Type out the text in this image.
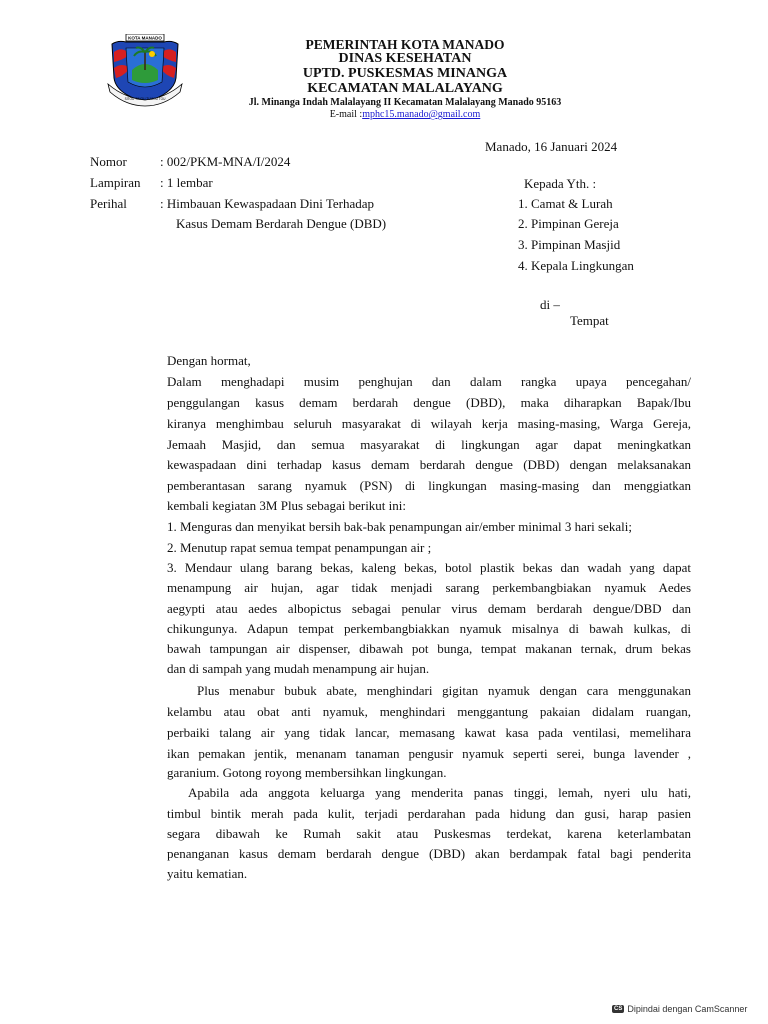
KOTA MANADO
SITOU TIMOU TUMOU TOU
PEMERINTAH KOTA MANADO
DINAS KESEHATAN
UPTD. PUSKESMAS MINANGA
KECAMATAN MALALAYANG
Jl. Minanga Indah Malalayang II Kecamatan Malalayang Manado 95163
E-mail :mphc15.manado@gmail.com
Manado, 16 Januari 2024
Nomor	: 002/PKM-MNA/I/2024
Lampiran : 1 lembar
Perihal	: Himbauan Kewaspadaan Dini Terhadap
Kasus Demam Berdarah Dengue (DBD)
Kepada Yth. :
1. Camat & Lurah
2. Pimpinan Gereja
3. Pimpinan Masjid
4. Kepala Lingkungan
di –
Tempat
Dengan hormat,
Dalam menghadapi musim penghujan dan dalam rangka upaya pencegahan/
penggulangan kasus demam berdarah dengue (DBD), maka diharapkan Bapak/Ibu
kiranya menghimbau seluruh masyarakat di wilayah kerja masing-masing, Warga Gereja,
Jemaah Masjid, dan semua masyarakat di lingkungan agar dapat meningkatkan
kewaspadaan dini terhadap kasus demam berdarah dengue (DBD) dengan melaksanakan
pemberantasan sarang nyamuk (PSN) di lingkungan masing-masing dan menggiatkan
kembali kegiatan 3M Plus sebagai berikut ini:
1. Menguras dan menyikat bersih bak-bak penampungan air/ember minimal 3 hari sekali;
2. Menutup rapat semua tempat penampungan air ;
3. Mendaur ulang barang bekas, kaleng bekas, botol plastik bekas dan wadah yang dapat
menampung air hujan, agar tidak menjadi sarang perkembangbiakan nyamuk Aedes
aegypti atau aedes albopictus sebagai penular virus demam berdarah dengue/DBD dan
chikungunya. Adapun tempat perkembangbiakkan nyamuk misalnya di bawah kulkas, di
bawah tampungan air dispenser, dibawah pot bunga, tempat makanan ternak, drum bekas
dan di sampah yang mudah menampung air hujan.
Plus menabur bubuk abate, menghindari gigitan nyamuk dengan cara menggunakan
kelambu atau obat anti nyamuk, menghindari menggantung pakaian didalam ruangan,
perbaiki talang air yang tidak lancar, memasang kawat kasa pada ventilasi, memelihara
ikan pemakan jentik, menanam tanaman pengusir nyamuk seperti serei, bunga lavender ,
garanium. Gotong royong membersihkan lingkungan.
Apabila ada anggota keluarga yang menderita panas tinggi, lemah, nyeri ulu hati,
timbul bintik merah pada kulit, terjadi perdarahan pada hidung dan gusi, harap pasien
segara dibawah ke Rumah sakit atau Puskesmas terdekat, karena keterlambatan
penanganan kasus demam berdarah dengue (DBD) akan berdampak fatal bagi penderita
yaitu kematian.
CS Dipindai dengan CamScanner
